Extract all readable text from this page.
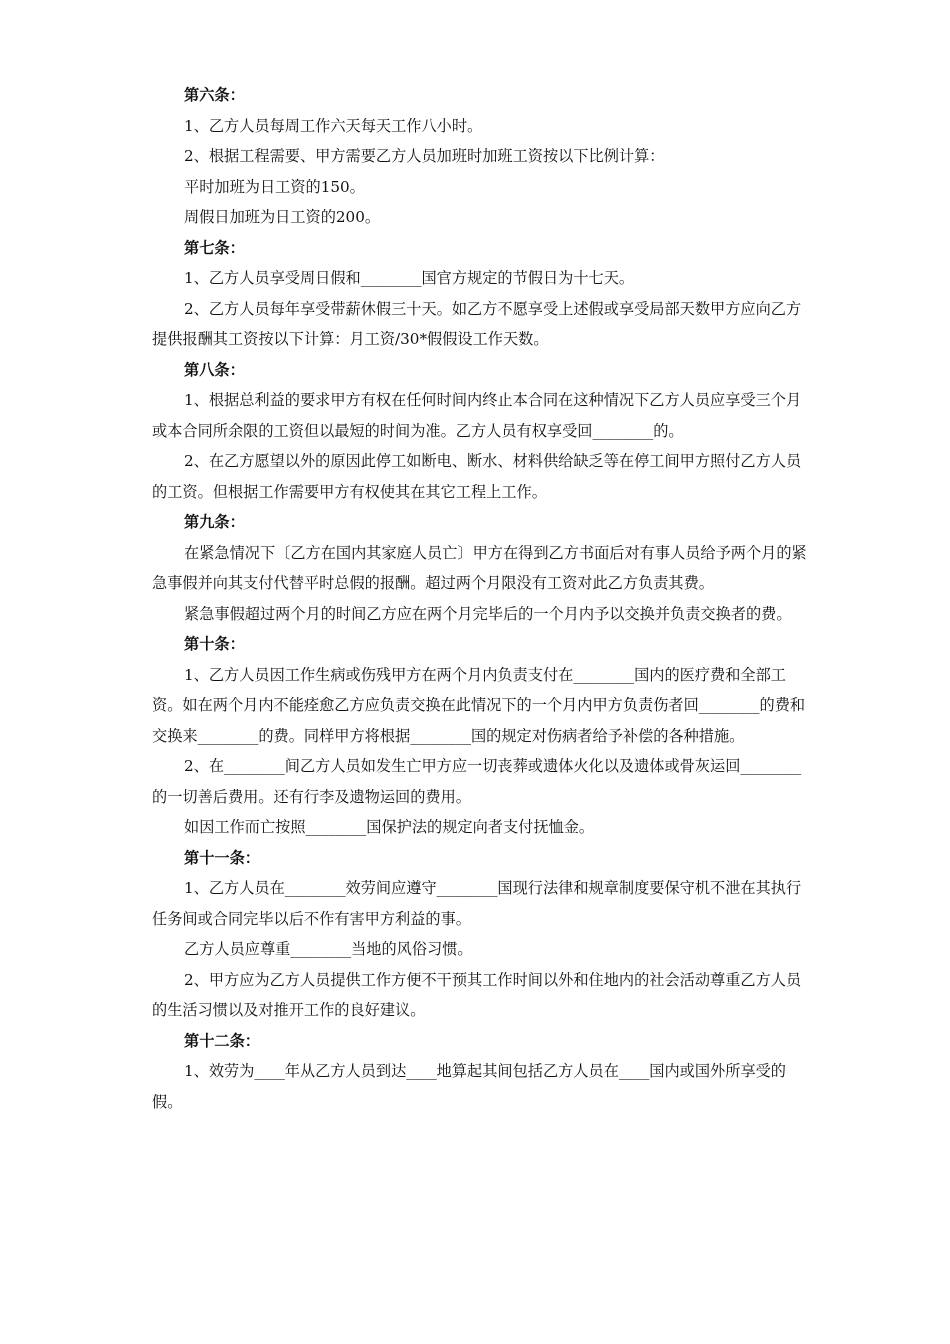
第六条：

1、乙方人员每周工作六天每天工作八小时。

2、根据工程需要、甲方需要乙方人员加班时加班工资按以下比例计算：

平时加班为日工资的150。

周假日加班为日工资的200。

第七条：

1、乙方人员享受周日假和________国官方规定的节假日为十七天。

2、乙方人员每年享受带薪休假三十天。如乙方不愿享受上述假或享受局部天数甲方应向乙方提供报酬其工资按以下计算：月工资/30*假假设工作天数。

第八条：

1、根据总利益的要求甲方有权在任何时间内终止本合同在这种情况下乙方人员应享受三个月或本合同所余限的工资但以最短的时间为准。乙方人员有权享受回________的。

2、在乙方愿望以外的原因此停工如断电、断水、材料供给缺乏等在停工间甲方照付乙方人员的工资。但根据工作需要甲方有权使其在其它工程上工作。

第九条：

在紧急情况下〔乙方在国内其家庭人员亡〕甲方在得到乙方书面后对有事人员给予两个月的紧急事假并向其支付代替平时总假的报酬。超过两个月限没有工资对此乙方负责其费。

紧急事假超过两个月的时间乙方应在两个月完毕后的一个月内予以交换并负责交换者的费。

第十条：

1、乙方人员因工作生病或伤残甲方在两个月内负责支付在________国内的医疗费和全部工资。如在两个月内不能痊愈乙方应负责交换在此情况下的一个月内甲方负责伤者回________的费和交换来________的费。同样甲方将根据________国的规定对伤病者给予补偿的各种措施。

2、在________间乙方人员如发生亡甲方应一切丧葬或遗体火化以及遗体或骨灰运回________的一切善后费用。还有行李及遗物运回的费用。

如因工作而亡按照________国保护法的规定向者支付抚恤金。

第十一条：

1、乙方人员在________效劳间应遵守________国现行法律和规章制度要保守机不泄在其执行任务间或合同完毕以后不作有害甲方利益的事。

乙方人员应尊重________当地的风俗习惯。

2、甲方应为乙方人员提供工作方便不干预其工作时间以外和住地内的社会活动尊重乙方人员的生活习惯以及对推开工作的良好建议。

第十二条：

1、效劳为____年从乙方人员到达____地算起其间包括乙方人员在____国内或国外所享受的假。
